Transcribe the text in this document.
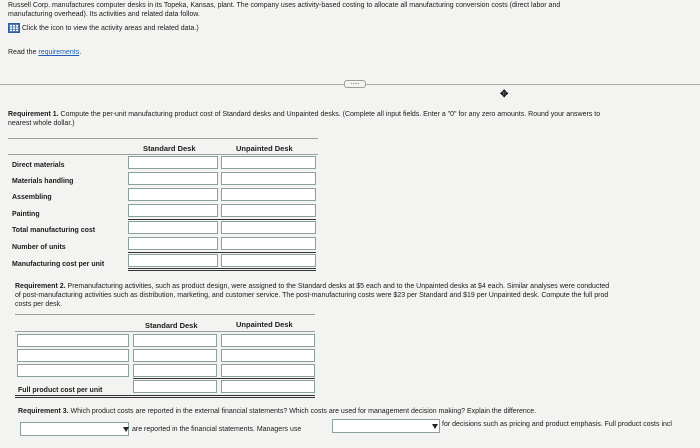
Russell Corp. manufactures computer desks in its Topeka, Kansas, plant. The company uses activity-based costing to allocate all manufacturing conversion costs (direct labor and
manufacturing overhead). Its activities and related data follow.
Click the icon to view the activity areas and related data.)
Read the requirements.
.....
✥
Requirement 1. Compute the per-unit manufacturing product cost of Standard desks and Unpainted desks. (Complete all input fields. Enter a "0" for any zero amounts. Round your answers to
nearest whole dollar.)
Standard Desk	Unpainted Desk
Direct materials
Materials handling
Assembling
Painting
Total manufacturing cost
Number of units
Manufacturing cost per unit
Requirement 2. Premanufacturing activities, such as product design, were assigned to the Standard desks at $5 each and to the Unpainted desks at $4 each. Similar analyses were conducted
of post-manufacturing activities such as distribution, marketing, and customer service. The post-manufacturing costs were $23 per Standard and $19 per Unpainted desk. Compute the full prod
costs per desk.
Standard Desk	Unpainted Desk
Full product cost per unit
Requirement 3. Which product costs are reported in the external financial statements? Which costs are used for management decision making? Explain the difference.
are reported in the financial statements. Managers use
for decisions such as pricing and product emphasis. Full product costs incl
